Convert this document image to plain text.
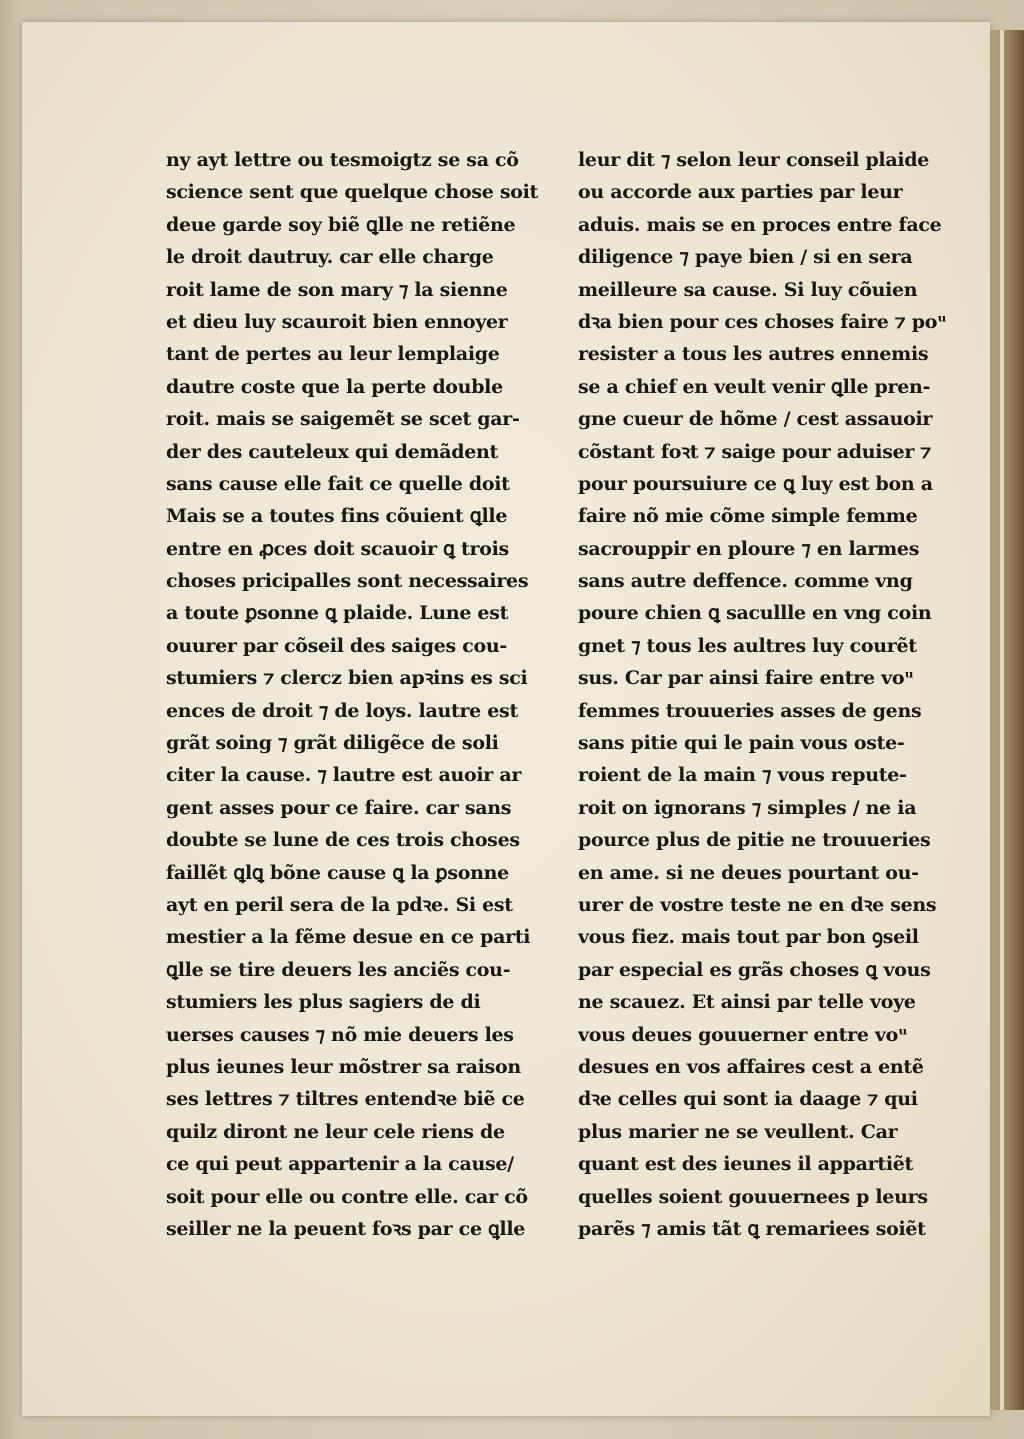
ny ayt lettre ou tesmoigtz se sa cõ
science sent que quelque chose soit
deue garde soy biẽ ꝗlle ne retiẽne
le droit dautruy. car elle charge
roit lame de son mary ⁊ la sienne
et dieu luy scauroit bien ennoyer
tant de pertes au leur lemplaige
dautre coste que la perte double
roit. mais se saigemẽt se scet gar-
der des cauteleux qui demãdent
sans cause elle fait ce quelle doit
Mais se a toutes fins cõuient ꝗlle
entre en ꝓces doit scauoir ꝗ trois
choses pricipalles sont necessaires
a toute ꝑsonne ꝗ plaide. Lune est
ouurer par cõseil des saiges cou-
stumiers ⁊ clercz bien apꝛins es sci
ences de droit ⁊ de loys. lautre est
grãt soing ⁊ grãt diligẽce de soli
citer la cause. ⁊ lautre est auoir ar
gent asses pour ce faire. car sans
doubte se lune de ces trois choses
faillẽt ꝗlꝗ bõne cause ꝗ la ꝑsonne
ayt en peril sera de la pdꝛe. Si est
mestier a la fẽme desue en ce parti
ꝗlle se tire deuers les anciẽs cou-
stumiers les plus sagiers de di
uerses causes ⁊ nõ mie deuers les
plus ieunes leur mõstrer sa raison
ses lettres ⁊ tiltres entendꝛe biẽ ce
quilz diront ne leur cele riens de
ce qui peut appartenir a la cause/
soit pour elle ou contre elle. car cõ
seiller ne la peuent foꝛs par ce ꝗlle
leur dit ⁊ selon leur conseil plaide
ou accorde aux parties par leur
aduis. mais se en proces entre face
diligence ⁊ paye bien / si en sera
meilleure sa cause. Si luy cõuien
dꝛa bien pour ces choses faire ⁊ poᵘ
resister a tous les autres ennemis
se a chief en veult venir ꝗlle pren-
gne cueur de hõme / cest assauoir
cõstant foꝛt ⁊ saige pour aduiser ⁊
pour poursuiure ce ꝗ luy est bon a
faire nõ mie cõme simple femme
sacrouppir en ploure ⁊ en larmes
sans autre deffence. comme vng
poure chien ꝗ sacullle en vng coin
gnet ⁊ tous les aultres luy courẽt
sus. Car par ainsi faire entre voᵘ
femmes trouueries asses de gens
sans pitie qui le pain vous oste-
roient de la main ⁊ vous repute-
roit on ignorans ⁊ simples / ne ia
pource plus de pitie ne trouueries
en ame. si ne deues pourtant ou-
urer de vostre teste ne en dꝛe sens
vous fiez. mais tout par bon ꝯseil
par especial es grãs choses ꝗ vous
ne scauez. Et ainsi par telle voye
vous deues gouuerner entre voᵘ
desues en vos affaires cest a entẽ
dꝛe celles qui sont ia daage ⁊ qui
plus marier ne se veullent. Car
quant est des ieunes il appartiẽt
quelles soient gouuernees p leurs
parẽs ⁊ amis tãt ꝗ remariees soiẽt
